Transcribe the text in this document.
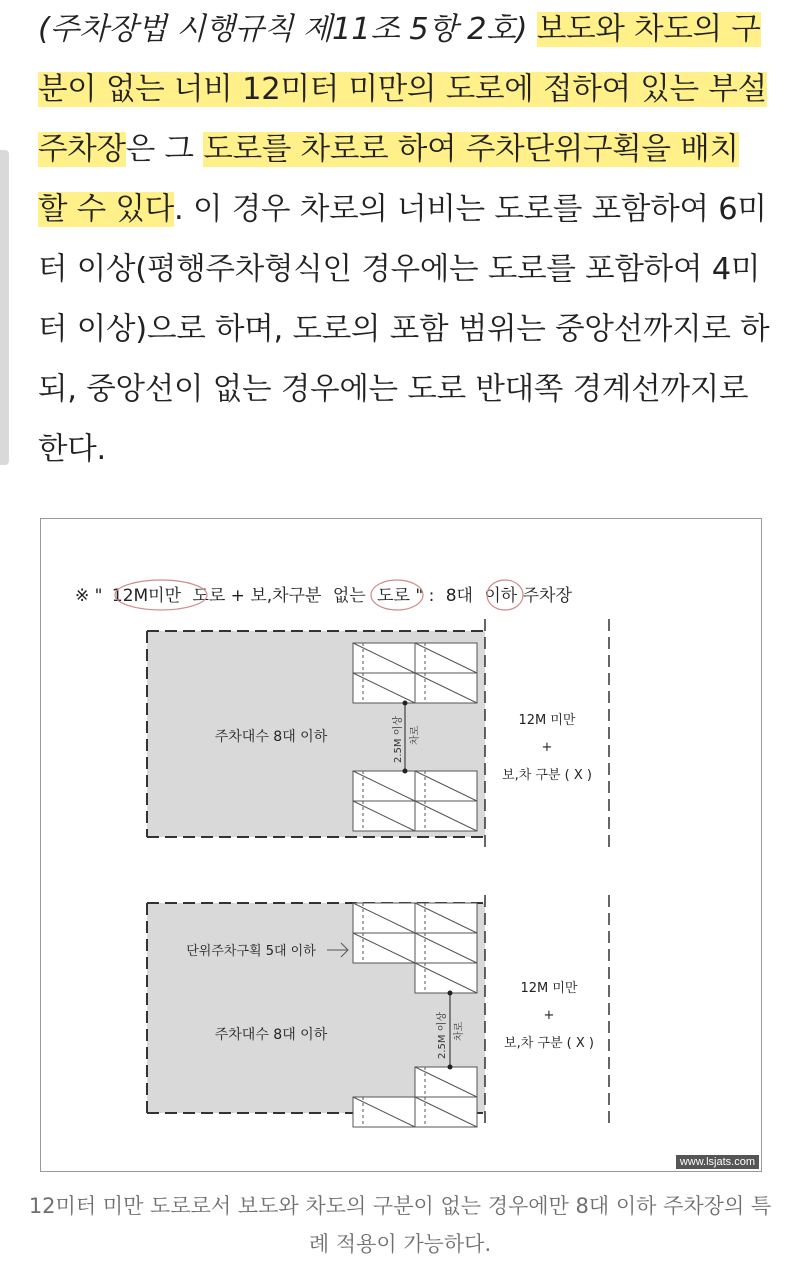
(주차장법 시행규칙 제11조 5항 2호) 보도와 차도의 구
분이 없는 너비 12미터 미만의 도로에 접하여 있는 부설
주차장은 그 도로를 차로로 하여 주차단위구획을 배치
할 수 있다. 이 경우 차로의 너비는 도로를 포함하여 6미
터 이상(평행주차형식인 경우에는 도로를 포함하여 4미
터 이상)으로 하며, 도로의 포함 범위는 중앙선까지로 하
되, 중앙선이 없는 경우에는 도로 반대쪽 경계선까지로
한다.
※ " 12M미만 도로 + 보,차구분 없는 도로 " : 8대 이하 주차장
2.5M 이상 차로
주차대수 8대 이하
12M 미만
+
보,차 구분 ( X )
2.5M 이상 차로
단위주차구획 5대 이하
주차대수 8대 이하
12M 미만
+
보,차 구분 ( X )
www.lsjats.com
12미터 미만 도로로서 보도와 차도의 구분이 없는 경우에만 8대 이하 주차장의 특례 적용이 가능하다.
